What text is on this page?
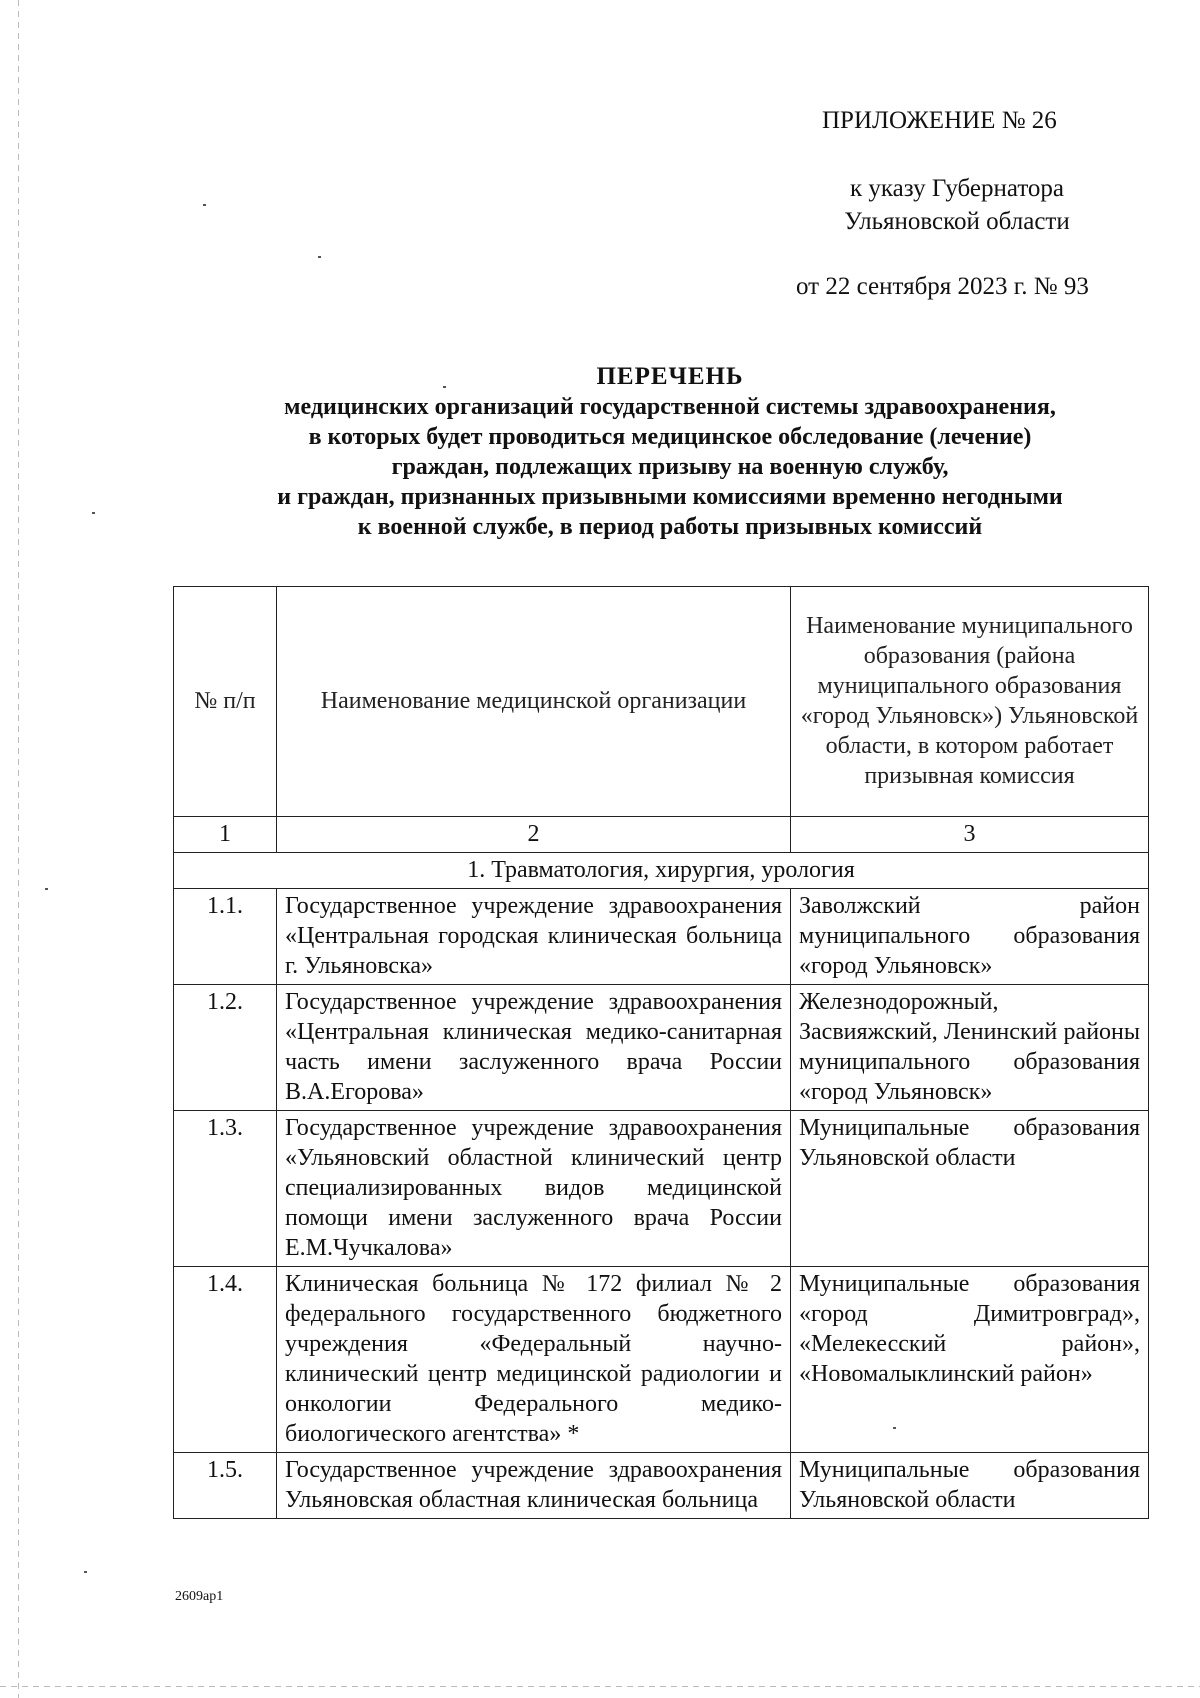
ПРИЛОЖЕНИЕ № 26
к указу Губернатора
Ульяновской области
от 22 сентября 2023 г. № 93
ПЕРЕЧЕНЬ
медицинских организаций государственной системы здравоохранения,
в которых будет проводиться медицинское обследование (лечение)
граждан, подлежащих призыву на военную службу,
и граждан, признанных призывными комиссиями временно негодными
к военной службе, в период работы призывных комиссий
№ п/п	Наименование медицинской организации	Наименование муниципального образования (района муниципального образования «город Ульяновск») Ульяновской области, в котором работает призывная комиссия
1	2	3
1. Травматология, хирургия, урология		
1.1.	Государственное учреждение здравоохранения «Центральная городская клиническая больница г. Ульяновска»	Заволжский район муниципального образования «город Ульяновск»
1.2.	Государственное учреждение здравоохранения «Центральная клиническая медико-санитарная часть имени заслуженного врача России В.А.Егорова»	Железнодорожный, Засвияжский, Ленинский районы муниципального образования «город Ульяновск»
1.3.	Государственное учреждение здравоохранения «Ульяновский областной клинический центр специализированных видов медицинской помощи имени заслуженного врача России Е.М.Чучкалова»	Муниципальные образования Ульяновской области
1.4.	Клиническая больница № 172 филиал № 2 федерального государственного бюджетного учреждения «Федеральный научно-клинический центр медицинской радиологии и онкологии Федерального медико-биологического агентства» *	Муниципальные образования «город Димитровград», «Мелекесский район», «Новомалыклинский район»
1.5.	Государственное учреждение здравоохранения Ульяновская областная клиническая больница	Муниципальные образования Ульяновской области
2609ap1
